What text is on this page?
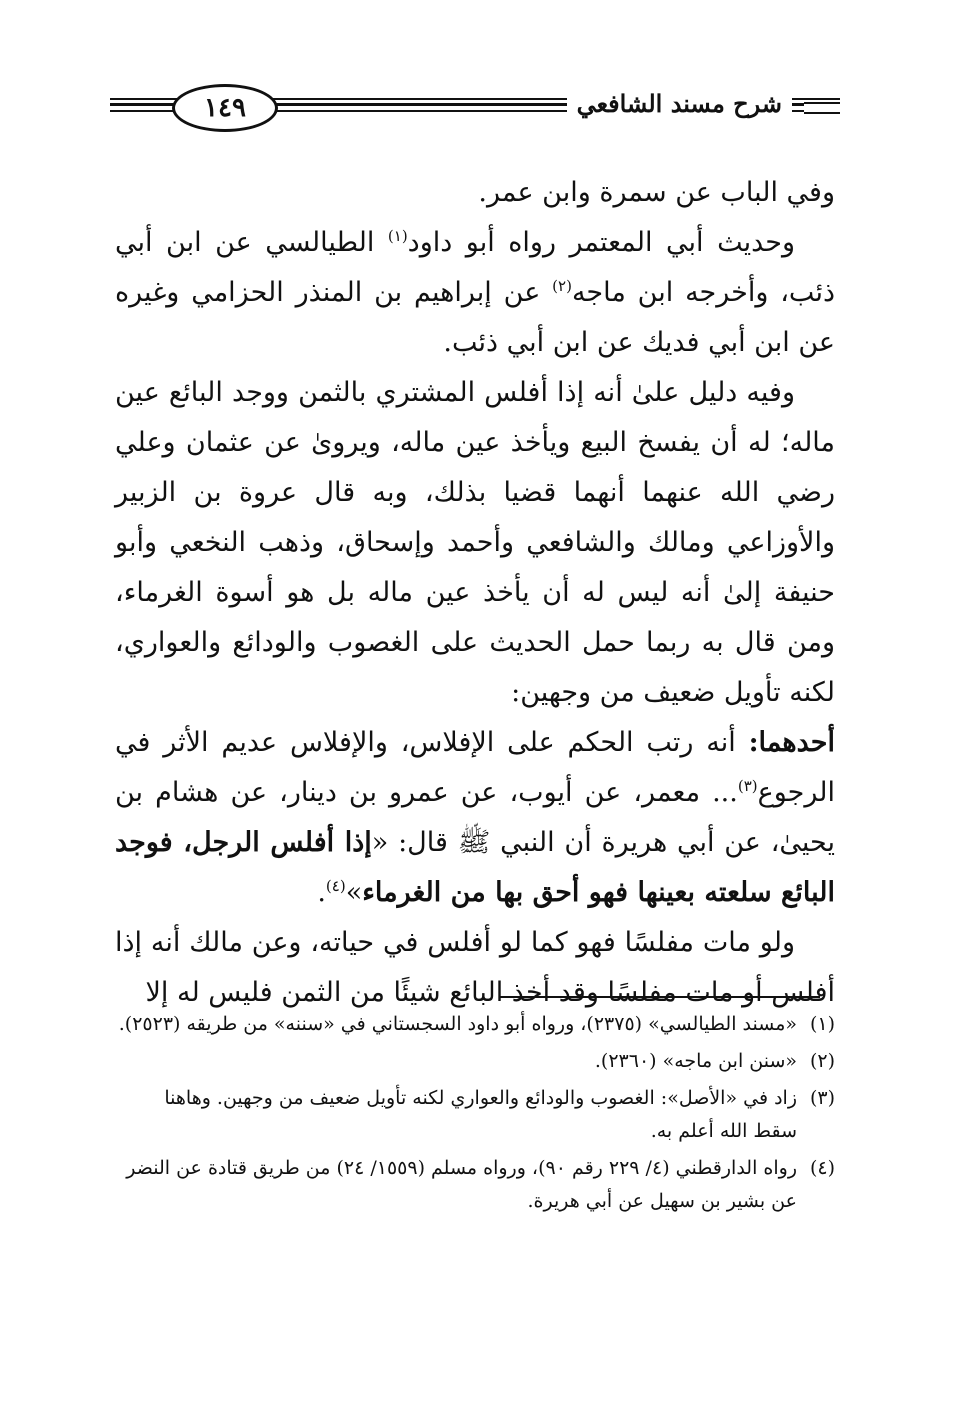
١٤٩	شرح مسند الشافعي

وفي الباب عن سمرة وابن عمر.

وحديث أبي المعتمر رواه أبو داود$^{(١)}$ الطيالسي عن ابن أبي ذئب، وأخرجه ابن ماجه$^{(٢)}$ عن إبراهيم بن المنذر الحزامي وغيره عن ابن أبي فديك عن ابن أبي ذئب.

وفيه دليل علىٰ أنه إذا أفلس المشتري بالثمن ووجد البائع عين ماله؛ له أن يفسخ البيع ويأخذ عين ماله، ويروىٰ عن عثمان وعلي رضي الله عنهما أنهما قضيا بذلك، وبه قال عروة بن الزبير والأوزاعي ومالك والشافعي وأحمد وإسحاق، وذهب النخعي وأبو حنيفة إلىٰ أنه ليس له أن يأخذ عين ماله بل هو أسوة الغرماء، ومن قال به ربما حمل الحديث على الغصوب والودائع والعواري، لكنه تأويل ضعيف من وجهين:

أحدهما: أنه رتب الحكم على الإفلاس، والإفلاس عديم الأثر في الرجوع$^{(٣)}$... معمر، عن أيوب، عن عمرو بن دينار، عن هشام بن يحيىٰ، عن أبي هريرة أن النبي ﷺ قال: «إذا أفلس الرجل، فوجد البائع سلعته بعينها فهو أحق بها من الغرماء»$^{(٤)}$.

ولو مات مفلسًا فهو كما لو أفلس في حياته، وعن مالك أنه إذا أفلس أو مات مفلسًا وقد أخذ البائع شيئًا من الثمن فليس له إلا

(١)«مسند الطيالسي» (٢٣٧٥)، ورواه أبو داود السجستاني في «سننه» من طريقه (٢٥٢٣).

(٢)«سنن ابن ماجه» (٢٣٦٠).

(٣)زاد في «الأصل»: الغصوب والودائع والعواري لكنه تأويل ضعيف من وجهين. وهاهنا سقط الله أعلم به.

(٤)رواه الدارقطني (٤/ ٢٢٩ رقم ٩٠)، ورواه مسلم (١٥٥٩/ ٢٤) من طريق قتادة عن النضر عن بشير بن سهيل عن أبي هريرة.
